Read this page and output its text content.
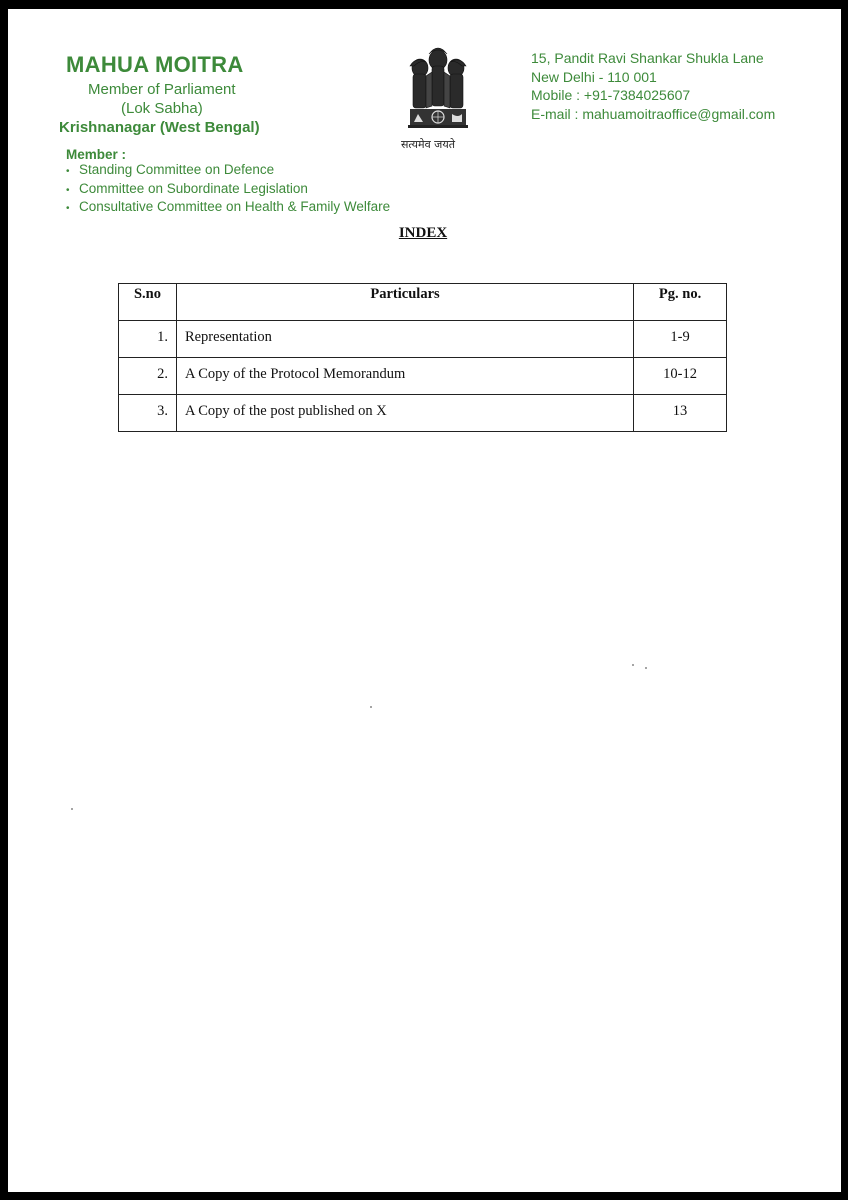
MAHUA MOITRA
Member of Parliament
(Lok Sabha)
Krishnanagar (West Bengal)
Member :
• Standing Committee on Defence
• Committee on Subordinate Legislation
• Consultative Committee on Health & Family Welfare
सत्यमेव जयते
15, Pandit Ravi Shankar Shukla Lane
New Delhi - 110 001
Mobile : +91-7384025607
E-mail : mahuamoitraoffice@gmail.com
INDEX
S.no	Particulars	Pg. no.
1.	Representation	1-9
2.	A Copy of the Protocol Memorandum	10-12
3.	A Copy of the post published on X	13
